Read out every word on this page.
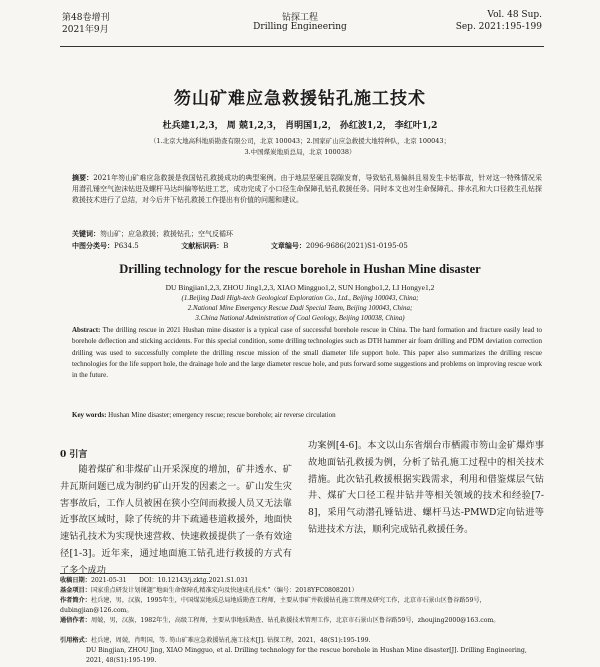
第48卷增刊
2021年9月
钻探工程
Drilling Engineering
Vol. 48 Sup.
Sep. 2021:195-199
笏山矿难应急救援钻孔施工技术
杜兵建1,2,3， 周 兢1,2,3， 肖明国1,2， 孙红波1,2， 李红叶1,2
（1.北京大地高科地质勘查有限公司，北京 100043；2.国家矿山应急救援大地特种队，北京 100043；
3.中国煤炭地质总局，北京 100038）
摘要：2021年笏山矿难应急救援是我国钻孔救援成功的典型案例。由于地层坚硬且裂隙发育，导致钻孔易偏斜且易发生卡钻事故，针对这一特殊情况采用潜孔锤空气泡沫钻进及螺杆马达纠偏等钻进工艺，成功完成了小口径生命保障孔钻孔救援任务。同时本文也对生命保障孔、排水孔和大口径救生孔钻探救援技术进行了总结，对今后井下钻孔救援工作提出有价值的问题和建议。
关键词：笏山矿；应急救援；救援钻孔；空气反循环
中图分类号：P634.5	文献标识码：B	文章编号：2096-9686(2021)S1-0195-05
Drilling technology for the rescue borehole in Hushan Mine disaster
DU Bingjian1,2,3, ZHOU Jing1,2,3, XIAO Mingguo1,2, SUN Hongbo1,2, LI Hongye1,2
(1.Beijing Dadi High-tech Geological Exploration Co., Ltd., Beijing 100043, China;
2.National Mine Emergency Rescue Dadi Special Team, Beijing 100043, China;
3.China National Administration of Coal Geology, Beijing 100038, China)
Abstract: The drilling rescue in 2021 Hushan mine disaster is a typical case of successful borehole rescue in China. The hard formation and fracture easily lead to borehole deflection and sticking accidents. For this special condition, some drilling technologies such as DTH hammer air foam drilling and PDM deviation correction drilling was used to successfully complete the drilling rescue mission of the small diameter life support hole. This paper also summarizes the drilling rescue technologies for the life support hole, the drainage hole and the large diameter rescue hole, and puts forward some suggestions and problems on improving rescue work in the future.
Key words: Hushan Mine disaster; emergency rescue; rescue borehole; air reverse circulation
0 引言
随着煤矿和非煤矿山开采深度的增加，矿井透水、矿井瓦斯问题已成为制约矿山开发的因素之一。矿山发生灾害事故后，工作人员被困在狭小空间而救援人员又无法靠近事故区域时，除了传统的井下疏通巷道救援外，地面快速钻孔技术为实现快速营救、快速救援提供了一条有效途径[1-3]。近年来，通过地面施工钻孔进行救援的方式有了多个成功
功案例[4-6]。本文以山东省烟台市栖霞市笏山金矿爆炸事故地面钻孔救援为例，分析了钻孔施工过程中的相关技术措施。此次钻孔救援根据实践需求，利用和借鉴煤层气钻井、煤矿大口径工程井钻井等相关领域的技术和经验[7-8]，采用气动潜孔锤钻进、螺杆马达-PMWD定向钻进等钻进技术方法，顺利完成钻孔救援任务。
收稿日期：2021-05-31　　DOI：10.12143/j.zktg.2021.S1.031
基金项目：国家重点研发计划课题“地面生命保障孔精准定向及快速成孔技术”（编号：2018YFC0808201）
作者简介：杜兵建，男，汉族，1995年生，中国煤炭地质总局地质勘查工程师，主要从事矿井救援钻孔施工管理及研究工作，北京市石景山区鲁谷路59号，dubingjian@126.com。
通信作者：周兢，男，汉族，1982年生，高级工程师，主要从事地质勘查、钻孔救援技术管理工作，北京市石景山区鲁谷路59号，zhoujing2000@163.com。
引用格式：杜兵建，周兢，肖明国，等. 笏山矿难应急救援钻孔施工技术[J]. 钻探工程，2021，48(S1):195-199.
DU Bingjian, ZHOU Jing, XIAO Mingguo, et al. Drilling technology for the rescue borehole in Hushan Mine disaster[J]. Drilling Engineering, 2021, 48(S1):195-199.
